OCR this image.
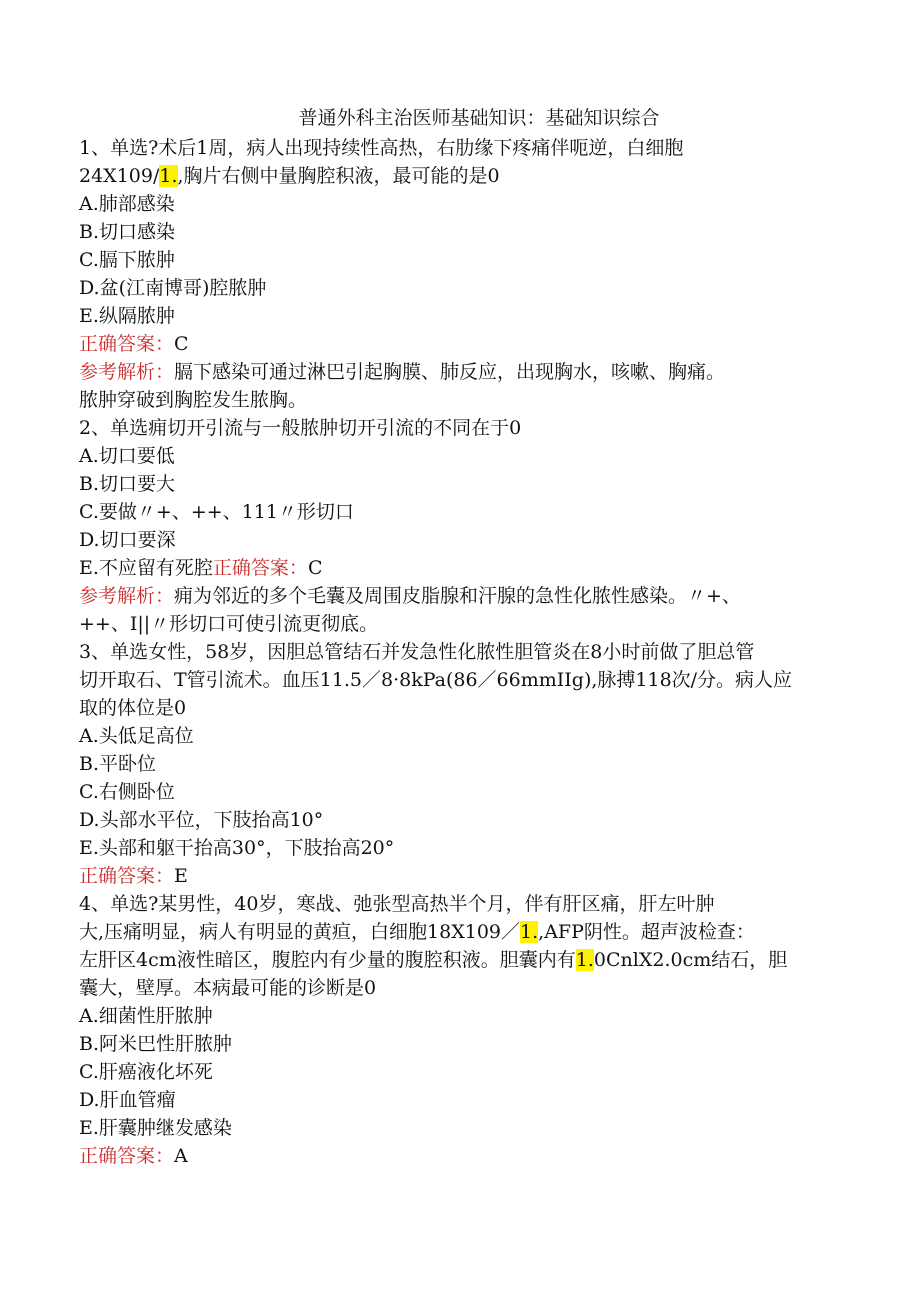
普通外科主治医师基础知识：基础知识综合
1、单选?术后1周，病人出现持续性高热，右肋缘下疼痛伴呃逆，白细胞
24X109/1.,胸片右侧中量胸腔积液，最可能的是0
A.肺部感染
B.切口感染
C.膈下脓肿
D.盆(江南博哥)腔脓肿
E.纵隔脓肿
正确答案：C
参考解析：膈下感染可通过淋巴引起胸膜、肺反应，出现胸水，咳嗽、胸痛。
脓肿穿破到胸腔发生脓胸。
2、单选痈切开引流与一般脓肿切开引流的不同在于0
A.切口要低
B.切口要大
C.要做〃+、++、111〃形切口
D.切口要深
E.不应留有死腔正确答案：C
参考解析：痈为邻近的多个毛囊及周围皮脂腺和汗腺的急性化脓性感染。〃+、
++、I||〃形切口可使引流更彻底。
3、单选女性，58岁，因胆总管结石并发急性化脓性胆管炎在8小时前做了胆总管
切开取石、T管引流术。血压11.5／8·8kPa(86／66mmIIg),脉搏118次/分。病人应
取的体位是0
A.头低足高位
B.平卧位
C.右侧卧位
D.头部水平位，下肢抬高10°
E.头部和躯干抬高30°，下肢抬高20°
正确答案：E
4、单选?某男性，40岁，寒战、弛张型高热半个月，伴有肝区痛，肝左叶肿
大,压痛明显，病人有明显的黄疸，白细胞18X109／1.,AFP阴性。超声波检查：
左肝区4cm液性暗区，腹腔内有少量的腹腔积液。胆囊内有1.0CnlX2.0cm结石，胆
囊大，壁厚。本病最可能的诊断是0
A.细菌性肝脓肿
B.阿米巴性肝脓肿
C.肝癌液化坏死
D.肝血管瘤
E.肝囊肿继发感染
正确答案：A
